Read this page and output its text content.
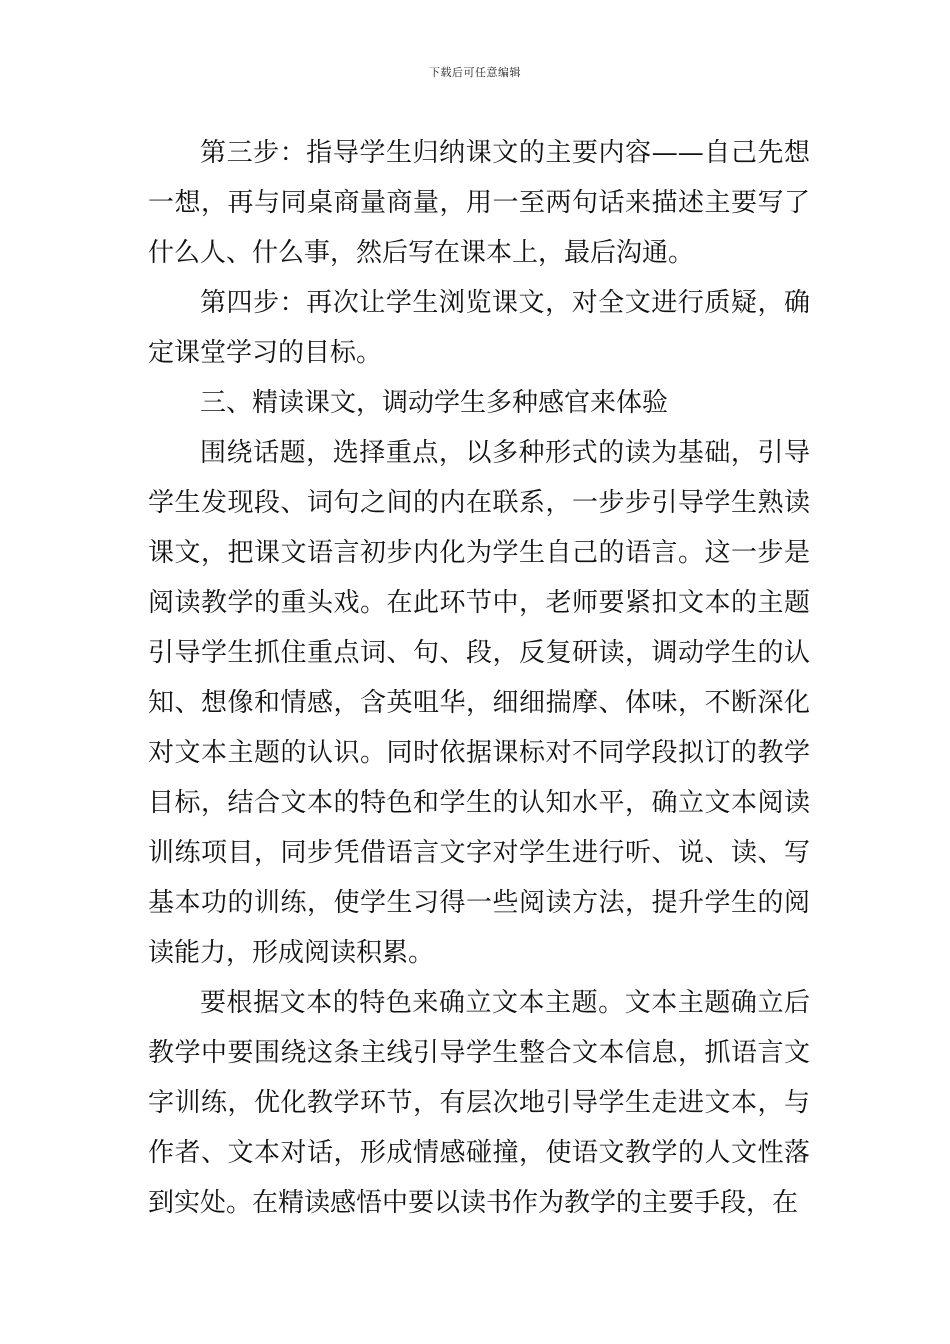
下载后可任意编辑

第三步：指导学生归纳课文的主要内容——自己先想一想，再与同桌商量商量，用一至两句话来描述主要写了什么人、什么事，然后写在课本上，最后沟通。

第四步：再次让学生浏览课文，对全文进行质疑，确定课堂学习的目标。

三、精读课文，调动学生多种感官来体验

围绕话题，选择重点，以多种形式的读为基础，引导学生发现段、词句之间的内在联系，一步步引导学生熟读课文，把课文语言初步内化为学生自己的语言。这一步是阅读教学的重头戏。在此环节中，老师要紧扣文本的主题引导学生抓住重点词、句、段，反复研读，调动学生的认知、想像和情感，含英咀华，细细揣摩、体味，不断深化对文本主题的认识。同时依据课标对不同学段拟订的教学目标，结合文本的特色和学生的认知水平，确立文本阅读训练项目，同步凭借语言文字对学生进行听、说、读、写基本功的训练，使学生习得一些阅读方法，提升学生的阅读能力，形成阅读积累。

要根据文本的特色来确立文本主题。文本主题确立后教学中要围绕这条主线引导学生整合文本信息，抓语言文字训练，优化教学环节，有层次地引导学生走进文本，与作者、文本对话，形成情感碰撞，使语文教学的人文性落到实处。在精读感悟中要以读书作为教学的主要手段，在
